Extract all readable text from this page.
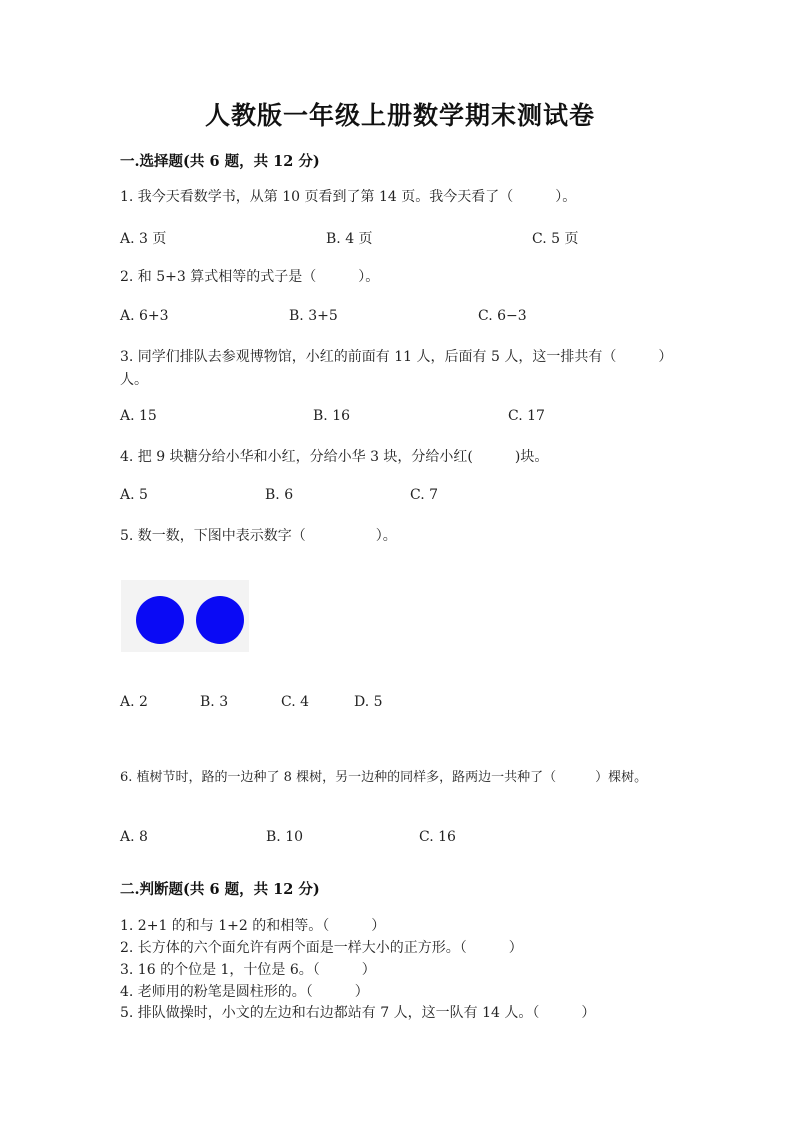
人教版一年级上册数学期末测试卷
一.选择题(共 6 题，共 12 分)
1. 我今天看数学书，从第 10 页看到了第 14 页。我今天看了（　　　）。
A. 3 页	B. 4 页	C. 5 页
2. 和 5+3 算式相等的式子是（　　　）。
A. 6+3	B. 3+5	C. 6−3
3. 同学们排队去参观博物馆，小红的前面有 11 人，后面有 5 人，这一排共有（　　　）人。
A. 15	B. 16	C. 17
4. 把 9 块糖分给小华和小红，分给小华 3 块，分给小红(　　　)块。
A. 5	B. 6	C. 7
5. 数一数，下图中表示数字（　　　　　）。
A. 2	B. 3	C. 4	D. 5
6. 植树节时，路的一边种了 8 棵树，另一边种的同样多，路两边一共种了（　　　）棵树。
A. 8	B. 10	C. 16
二.判断题(共 6 题，共 12 分)
1. 2+1 的和与 1+2 的和相等。（　　　）
2. 长方体的六个面允许有两个面是一样大小的正方形。（　　　）
3. 16 的个位是 1，十位是 6。（　　　）
4. 老师用的粉笔是圆柱形的。（　　　）
5. 排队做操时，小文的左边和右边都站有 7 人，这一队有 14 人。（　　　）
